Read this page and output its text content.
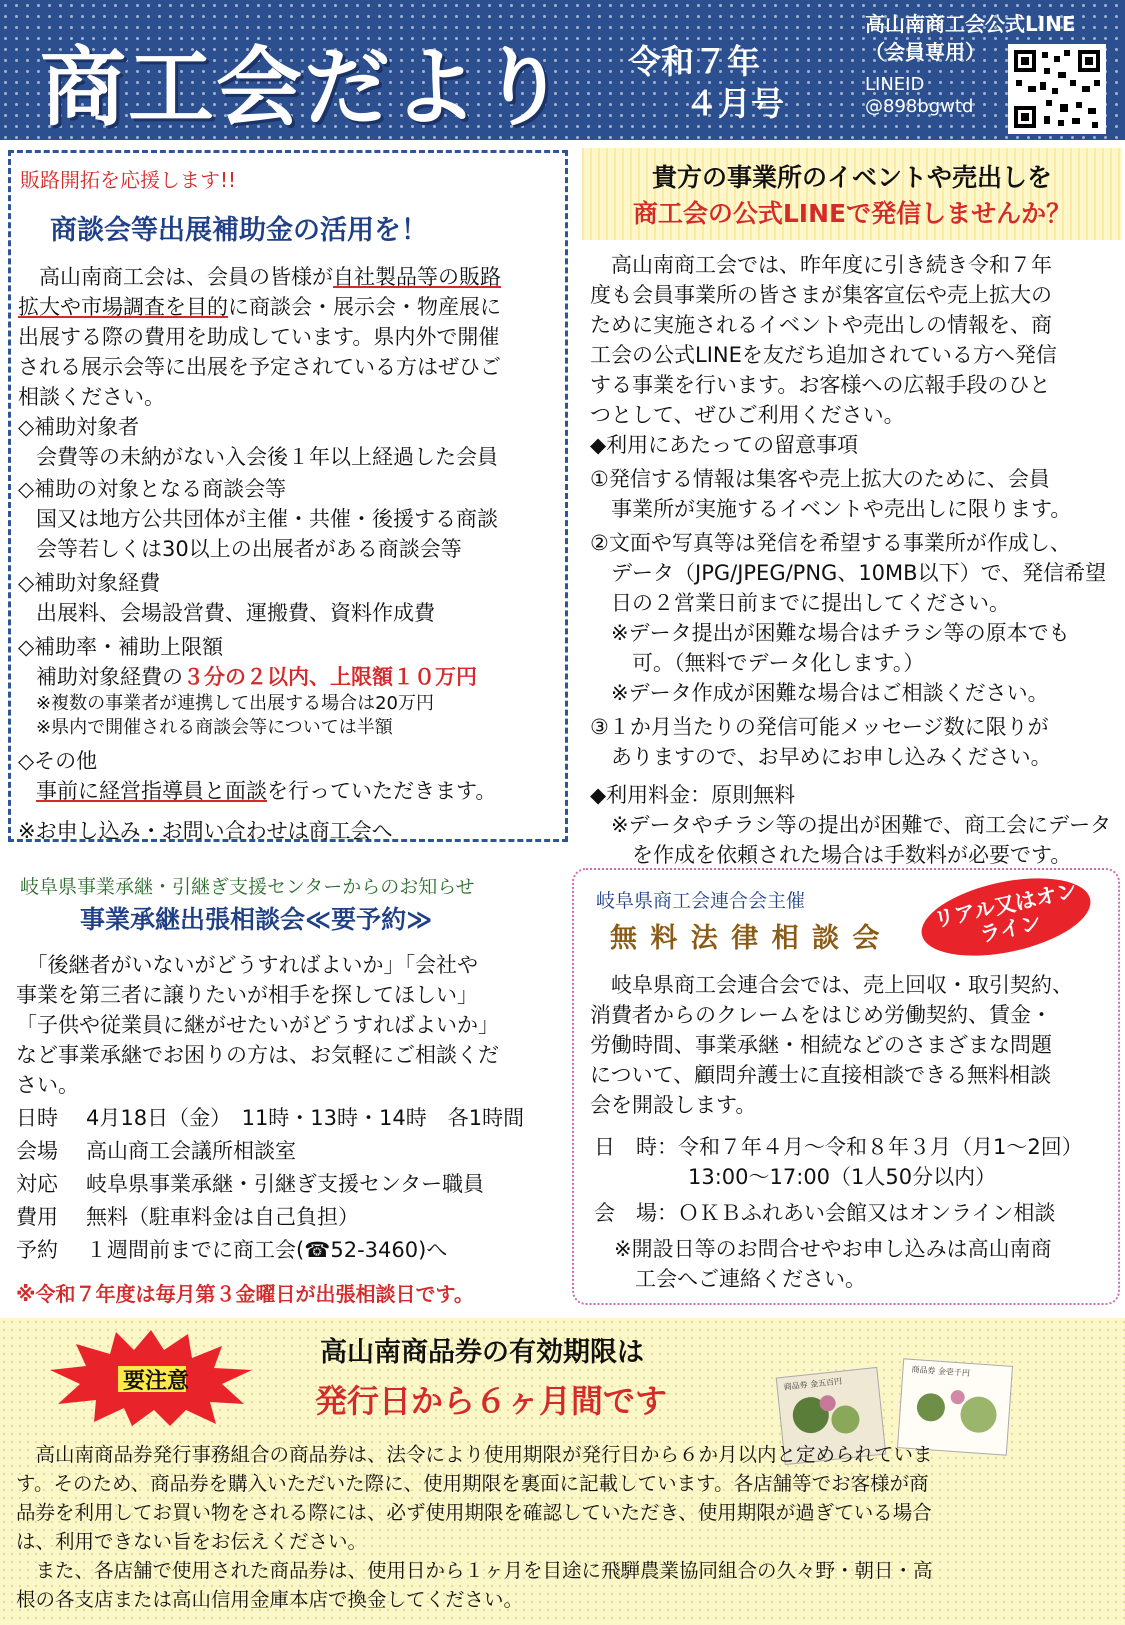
商工会だより 令和７年
４月号
高山南商工会公式LINE
（会員専用）
LINEID
@898bgwtd
販路開拓を応援します!!
商談会等出展補助金の活用を！
　高山南商工会は、会員の皆様が自社製品等の販路
拡大や市場調査を目的に商談会・展示会・物産展に
出展する際の費用を助成しています。県内外で開催
される展示会等に出展を予定されている方はぜひご
相談ください。
◇補助対象者
会費等の未納がない入会後１年以上経過した会員
◇補助の対象となる商談会等
国又は地方公共団体が主催・共催・後援する商談
会等若しくは30以上の出展者がある商談会等
◇補助対象経費
出展料、会場設営費、運搬費、資料作成費
◇補助率・補助上限額
補助対象経費の３分の２以内、上限額１０万円
※複数の事業者が連携して出展する場合は20万円
※県内で開催される商談会等については半額
◇その他
事前に経営指導員と面談を行っていただきます。
※お申し込み・お問い合わせは商工会へ
貴方の事業所のイベントや売出しを
商工会の公式LINEで発信しませんか？
　高山南商工会では、昨年度に引き続き令和７年
度も会員事業所の皆さまが集客宣伝や売上拡大の
ために実施されるイベントや売出しの情報を、商
工会の公式LINEを友だち追加されている方へ発信
する事業を行います。お客様への広報手段のひと
つとして、ぜひご利用ください。
◆利用にあたっての留意事項
①発信する情報は集客や売上拡大のために、会員
　事業所が実施するイベントや売出しに限ります。
②文面や写真等は発信を希望する事業所が作成し、
　データ（JPG/JPEG/PNG、10MB以下）で、発信希望
　日の２営業日前までに提出してください。
　※データ提出が困難な場合はチラシ等の原本でも
　　可。（無料でデータ化します。）
　※データ作成が困難な場合はご相談ください。
③１か月当たりの発信可能メッセージ数に限りが
　ありますので、お早めにお申し込みください。
◆利用料金：原則無料
　※データやチラシ等の提出が困難で、商工会にデータ
　　を作成を依頼された場合は手数料が必要です。
岐阜県事業承継・引継ぎ支援センターからのお知らせ
事業承継出張相談会≪要予約≫
　「後継者がいないがどうすればよいか」「会社や
事業を第三者に譲りたいが相手を探してほしい」
「子供や従業員に継がせたいがどうすればよいか」
など事業承継でお困りの方は、お気軽にご相談くだ
さい。
日時 4月18日（金）　11時・13時・14時　各1時間
会場 高山商工会議所相談室
対応 岐阜県事業承継・引継ぎ支援センター職員
費用 無料（駐車料金は自己負担）
予約 １週間前までに商工会(☎52-3460)へ
※令和７年度は毎月第３金曜日が出張相談日です。
岐阜県商工会連合会主催
無 料 法 律 相 談 会
リアル又はオンライン
　岐阜県商工会連合会では、売上回収・取引契約、
消費者からのクレームをはじめ労働契約、賃金・
労働時間、事業承継・相続などのさまざまな問題
について、顧問弁護士に直接相談できる無料相談
会を開設します。
日　時：令和７年４月～令和８年３月（月1～2回）
13:00～17:00（1人50分以内）
会　場：ＯＫＢふれあい会館又はオンライン相談
※開設日等のお問合せやお申し込みは高山南商
　工会へご連絡ください。
要注意
高山南商品券の有効期限は
発行日から６ヶ月間です	商品券 金五百円
商品券 金壱千円
　高山南商品券発行事務組合の商品券は、法令により使用期限が発行日から６か月以内と定められていま
す。そのため、商品券を購入いただいた際に、使用期限を裏面に記載しています。各店舗等でお客様が商
品券を利用してお買い物をされる際には、必ず使用期限を確認していただき、使用期限が過ぎている場合
は、利用できない旨をお伝えください。
　また、各店舗で使用された商品券は、使用日から１ヶ月を目途に飛騨農業協同組合の久々野・朝日・高
根の各支店または高山信用金庫本店で換金してください。
